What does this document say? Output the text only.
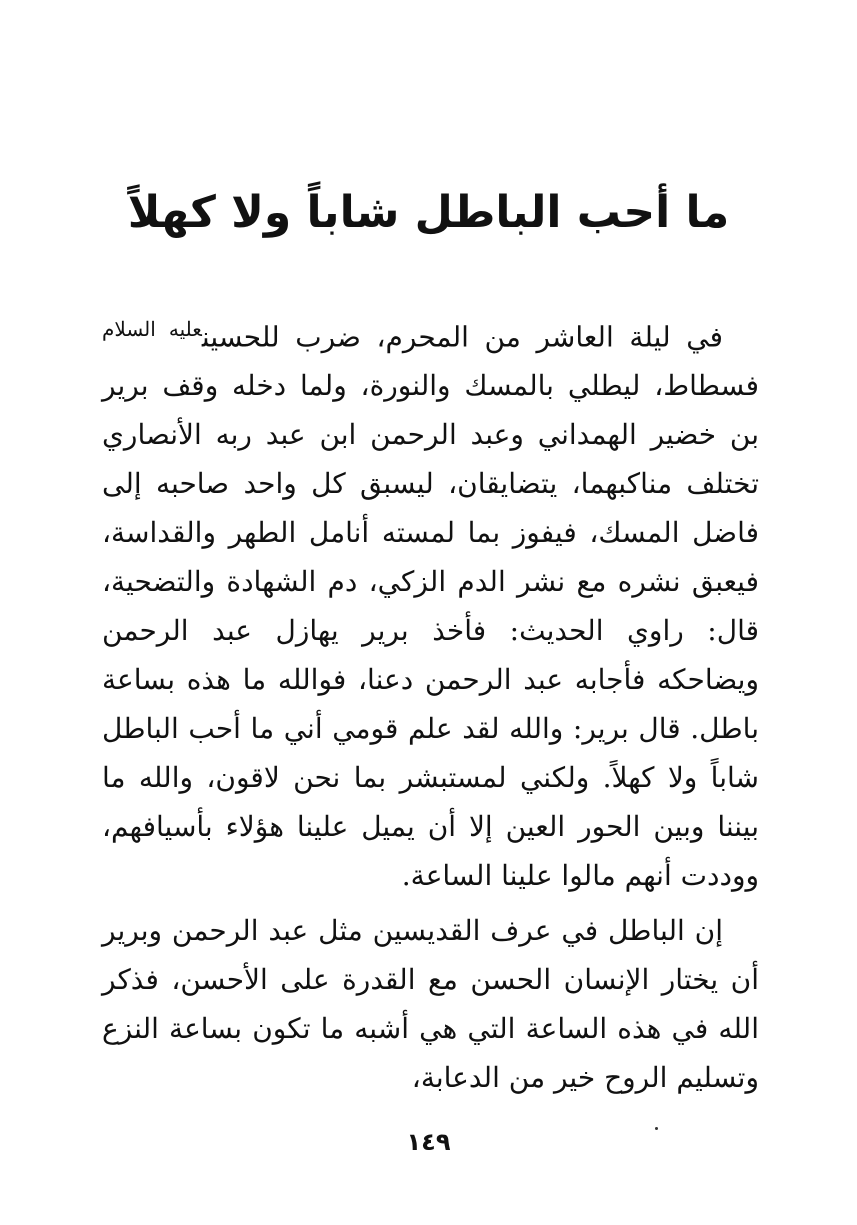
ما أحب الباطل شاباً ولا كهلاً

في ليلة العاشر من المحرم، ضرب للحسين$^{عليه السلام}$ فسطاط، ليطلي بالمسك والنورة، ولما دخله وقف برير بن خضير الهمداني وعبد الرحمن ابن عبد ربه الأنصاري تختلف مناكبهما، يتضايقان، ليسبق كل واحد صاحبه إلى فاضل المسك، فيفوز بما لمسته أنامل الطهر والقداسة، فيعبق نشره مع نشر الدم الزكي، دم الشهادة والتضحية، قال: راوي الحديث: فأخذ برير يهازل عبد الرحمن ويضاحكه فأجابه عبد الرحمن دعنا، فوالله ما هذه بساعة باطل. قال برير: والله لقد علم قومي أني ما أحب الباطل شاباً ولا كهلاً. ولكني لمستبشر بما نحن لاقون، والله ما بيننا وبين الحور العين إلا أن يميل علينا هؤلاء بأسيافهم، ووددت أنهم مالوا علينا الساعة.

إن الباطل في عرف القديسين مثل عبد الرحمن وبرير أن يختار الإنسان الحسن مع القدرة على الأحسن، فذكر الله في هذه الساعة التي هي أشبه ما تكون بساعة النزع وتسليم الروح خير من الدعابة،

١٤٩
